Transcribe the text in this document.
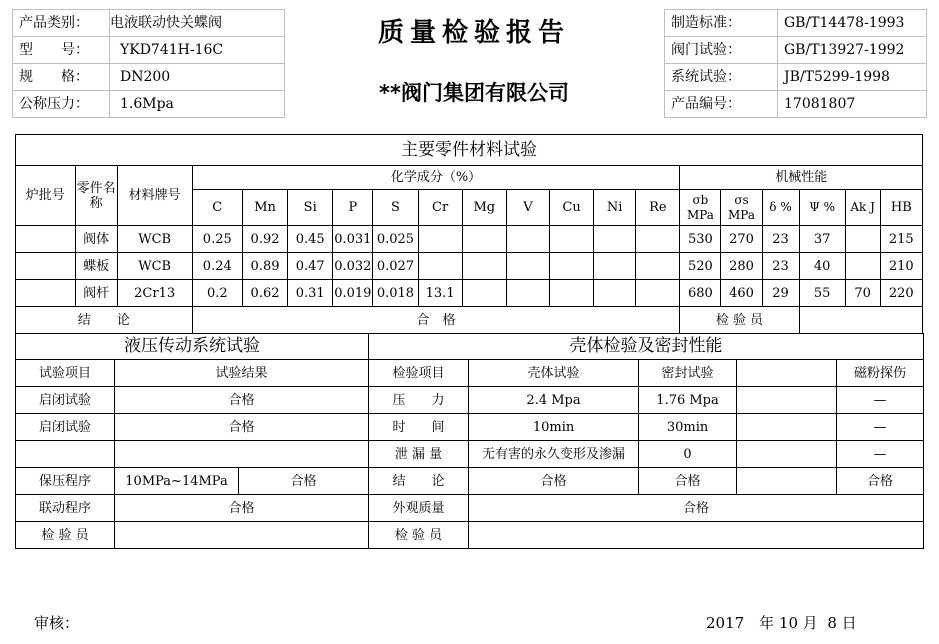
产品类别：	电液联动快关蝶阀
型　　号：	YKD741H-16C
规　　格：	DN200
公称压力：	1.6Mpa
质量检验报告
**阀门集团有限公司
制造标准：	GB/T14478-1993
阀门试验：	GB/T13927-1992
系统试验：	JB/T5299-1998
产品编号：	17081807
主要零件材料试验																			
炉批号	零件名称	材料牌号	化学成分（%）											机械性能					
			C	Mn	Si	P	S	Cr	Mg	V	Cu	Ni	Re	σb MPa	σs MPa	δ %	Ψ %	Ak J	HB
	阀体	WCB	0.25	0.92	0.45	0.031	0.025							530	270	23	37		215
	蝶板	WCB	0.24	0.89	0.47	0.032	0.027							520	280	23	40		210
	阀杆	2Cr13	0.2	0.62	0.31	0.019	0.018	13.1						680	460	29	55	70	220
结　　论			合　格											检 验 员					
液压传动系统试验			壳体检验及密封性能				
试验项目	试验结果		检验项目	壳体试验	密封试验		磁粉探伤
启闭试验	合格		压　　力	2.4 Mpa	1.76 Mpa		—
启闭试验	合格		时　　间	10min	30min		—
			泄 漏 量	无有害的永久变形及渗漏	0		—
保压程序	10MPa~14MPa	合格	结　　论	合格	合格		合格
联动程序	合格		外观质量	合格			
检 验 员			检 验 员				
审核：	2017　年 10 月  8 日
